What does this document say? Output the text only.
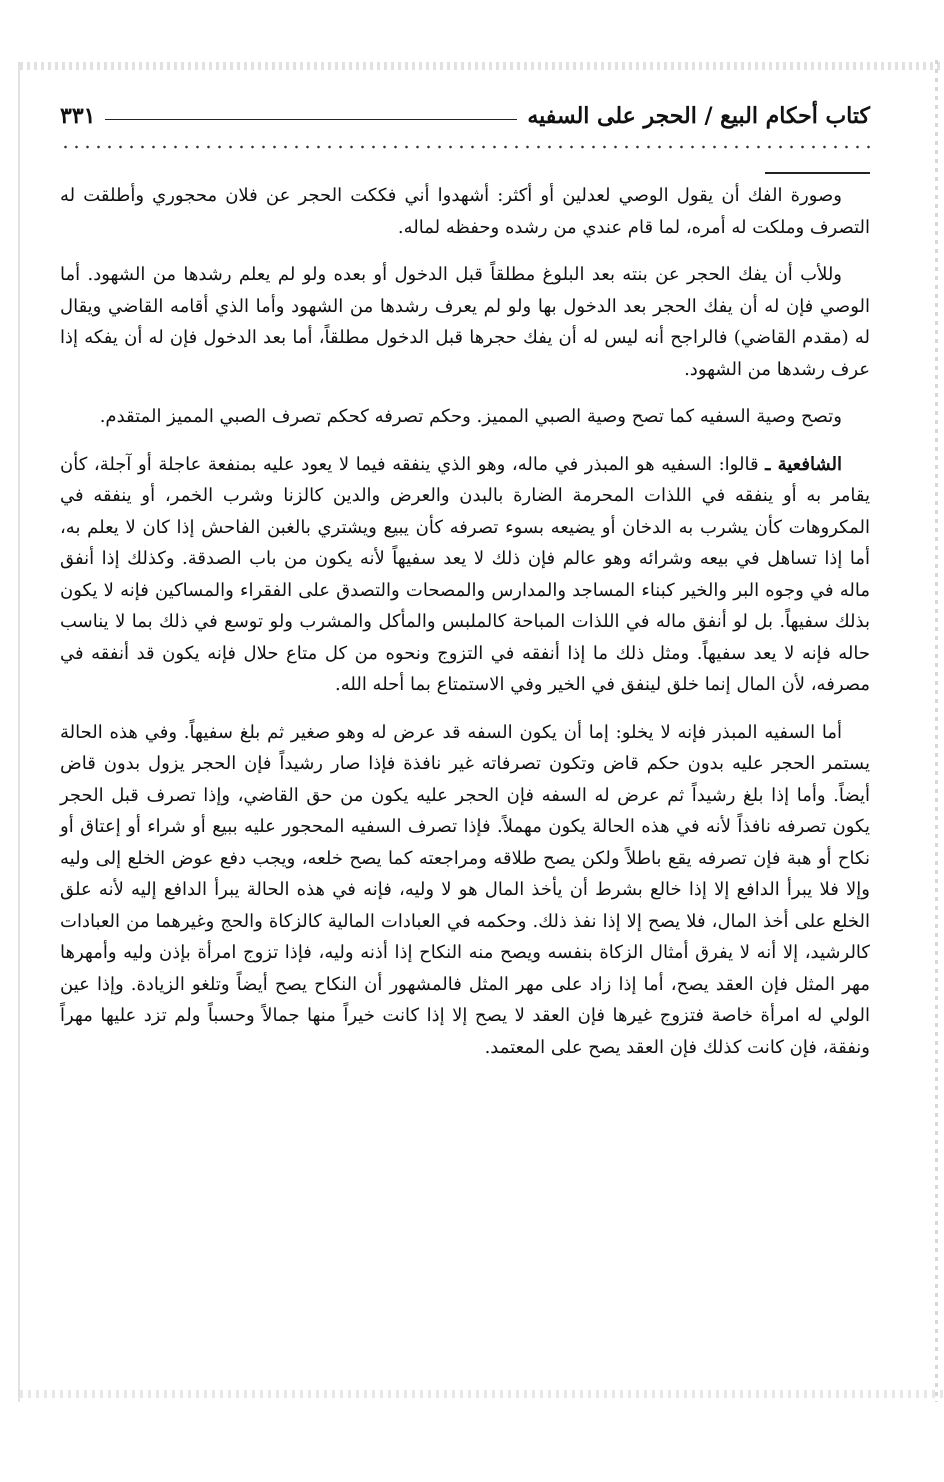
كتاب أحكام البيع / الحجر على السفيه
٣٣١

وصورة الفك أن يقول الوصي لعدلين أو أكثر: أشهدوا أني فككت الحجر عن فلان محجوري وأطلقت له التصرف وملكت له أمره، لما قام عندي من رشده وحفظه لماله.

وللأب أن يفك الحجر عن بنته بعد البلوغ مطلقاً قبل الدخول أو بعده ولو لم يعلم رشدها من الشهود. أما الوصي فإن له أن يفك الحجر بعد الدخول بها ولو لم يعرف رشدها من الشهود وأما الذي أقامه القاضي ويقال له (مقدم القاضي) فالراجح أنه ليس له أن يفك حجرها قبل الدخول مطلقاً، أما بعد الدخول فإن له أن يفكه إذا عرف رشدها من الشهود.

وتصح وصية السفيه كما تصح وصية الصبي المميز. وحكم تصرفه كحكم تصرف الصبي المميز المتقدم.

الشافعية ـ قالوا: السفيه هو المبذر في ماله، وهو الذي ينفقه فيما لا يعود عليه بمنفعة عاجلة أو آجلة، كأن يقامر به أو ينفقه في اللذات المحرمة الضارة بالبدن والعرض والدين كالزنا وشرب الخمر، أو ينفقه في المكروهات كأن يشرب به الدخان أو يضيعه بسوء تصرفه كأن يبيع ويشتري بالغبن الفاحش إذا كان لا يعلم به، أما إذا تساهل في بيعه وشرائه وهو عالم فإن ذلك لا يعد سفيهاً لأنه يكون من باب الصدقة. وكذلك إذا أنفق ماله في وجوه البر والخير كبناء المساجد والمدارس والمصحات والتصدق على الفقراء والمساكين فإنه لا يكون بذلك سفيهاً. بل لو أنفق ماله في اللذات المباحة كالملبس والمأكل والمشرب ولو توسع في ذلك بما لا يناسب حاله فإنه لا يعد سفيهاً. ومثل ذلك ما إذا أنفقه في التزوج ونحوه من كل متاع حلال فإنه يكون قد أنفقه في مصرفه، لأن المال إنما خلق لينفق في الخير وفي الاستمتاع بما أحله الله.

أما السفيه المبذر فإنه لا يخلو: إما أن يكون السفه قد عرض له وهو صغير ثم بلغ سفيهاً. وفي هذه الحالة يستمر الحجر عليه بدون حكم قاض وتكون تصرفاته غير نافذة فإذا صار رشيداً فإن الحجر يزول بدون قاض أيضاً. وأما إذا بلغ رشيداً ثم عرض له السفه فإن الحجر عليه يكون من حق القاضي، وإذا تصرف قبل الحجر يكون تصرفه نافذاً لأنه في هذه الحالة يكون مهملاً. فإذا تصرف السفيه المحجور عليه ببيع أو شراء أو إعتاق أو نكاح أو هبة فإن تصرفه يقع باطلاً ولكن يصح طلاقه ومراجعته كما يصح خلعه، ويجب دفع عوض الخلع إلى وليه وإلا فلا يبرأ الدافع إلا إذا خالع بشرط أن يأخذ المال هو لا وليه، فإنه في هذه الحالة يبرأ الدافع إليه لأنه علق الخلع على أخذ المال، فلا يصح إلا إذا نفذ ذلك. وحكمه في العبادات المالية كالزكاة والحج وغيرهما من العبادات كالرشيد، إلا أنه لا يفرق أمثال الزكاة بنفسه ويصح منه النكاح إذا أذنه وليه، فإذا تزوج امرأة بإذن وليه وأمهرها مهر المثل فإن العقد يصح، أما إذا زاد على مهر المثل فالمشهور أن النكاح يصح أيضاً وتلغو الزيادة. وإذا عين الولي له امرأة خاصة فتزوج غيرها فإن العقد لا يصح إلا إذا كانت خيراً منها جمالاً وحسباً ولم تزد عليها مهراً ونفقة، فإن كانت كذلك فإن العقد يصح على المعتمد.
